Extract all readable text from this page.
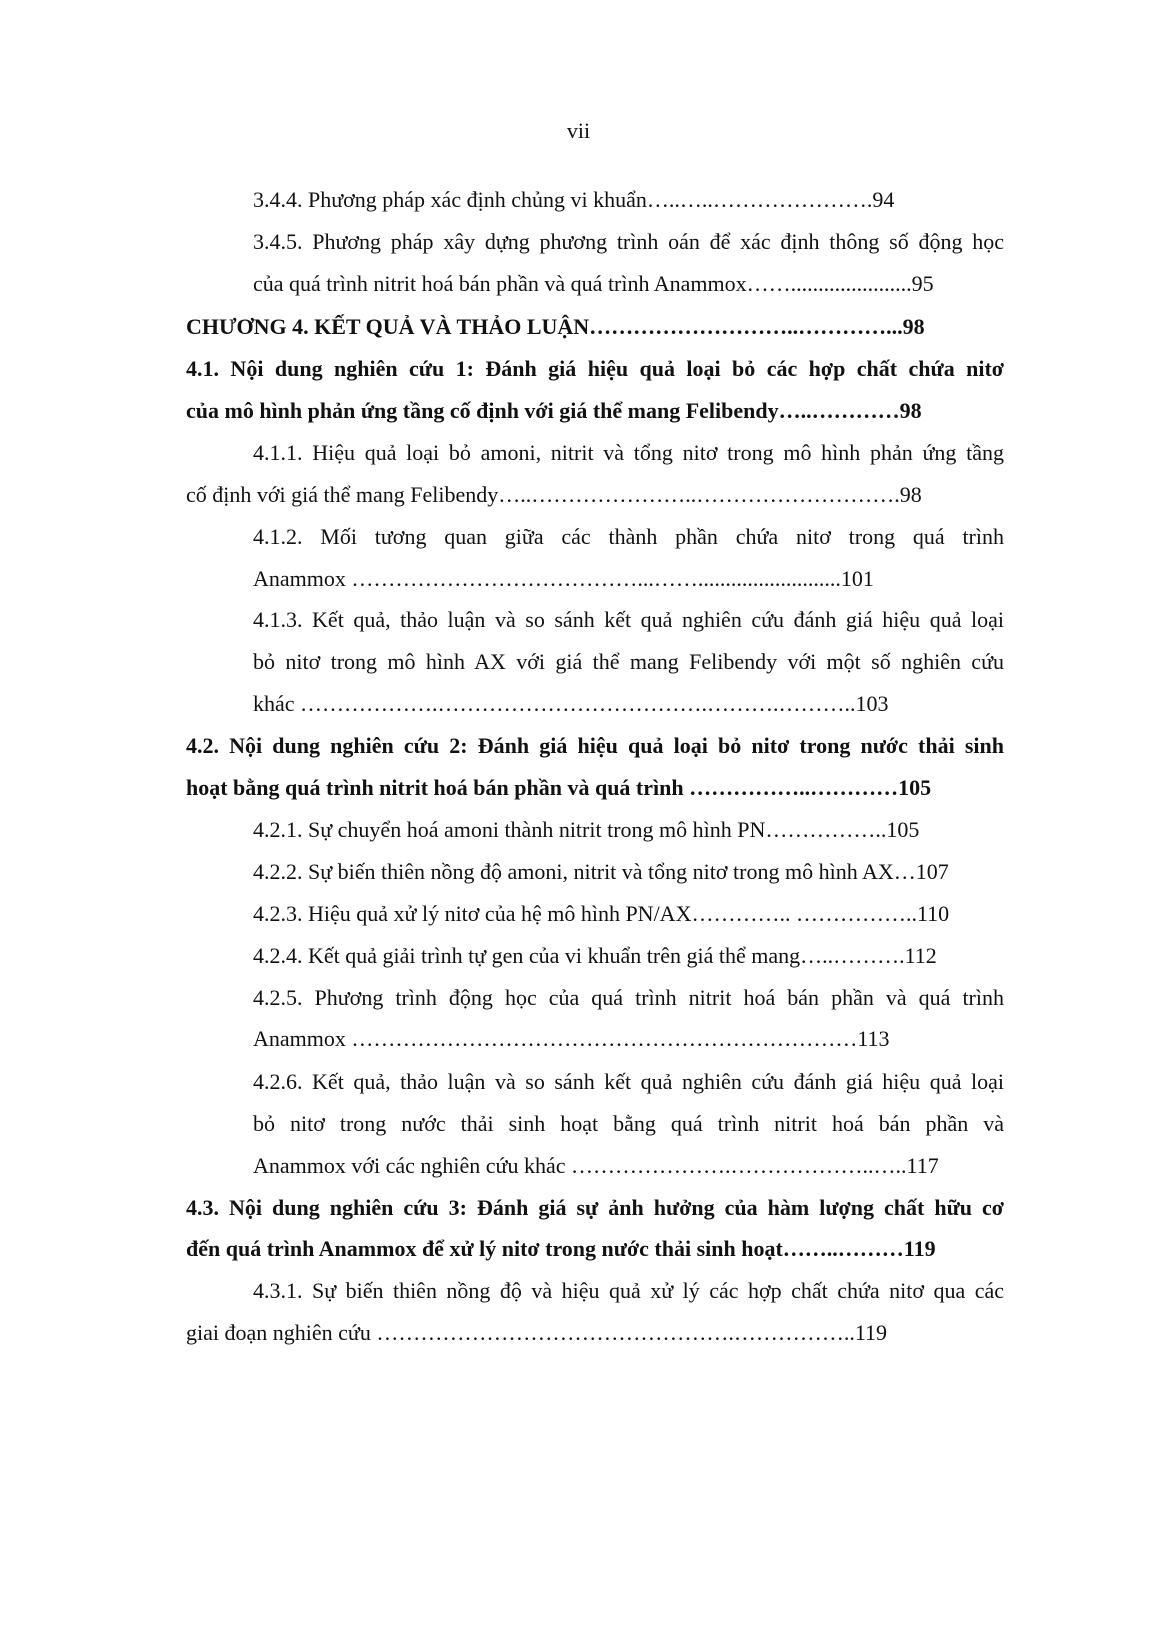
vii
3.4.4. Phương pháp xác định chủng vi khuẩn…..…..………………….94
3.4.5. Phương pháp xây dựng phương trình oán để xác định thông số động học
của quá trình nitrit hoá bán phần và quá trình Anammox……......................95
CHƯƠNG 4. KẾT QUẢ VÀ THẢO LUẬN………………………..…………...98
4.1. Nội dung nghiên cứu 1: Đánh giá hiệu quả loại bỏ các hợp chất chứa nitơ
của mô hình phản ứng tầng cố định với giá thể mang Felibendy…..…………98
4.1.1. Hiệu quả loại bỏ amoni, nitrit và tổng nitơ trong mô hình phản ứng tầng
cố định với giá thể mang Felibendy…..…………………..……………………….98
4.1.2. Mối tương quan giữa các thành phần chứa nitơ trong quá trình
Anammox …………………………………...……..........................101
4.1.3. Kết quả, thảo luận và so sánh kết quả nghiên cứu đánh giá hiệu quả loại
bỏ nitơ trong mô hình AX với giá thể mang Felibendy với một số nghiên cứu
khác ……………….……………………………….……….………..103
4.2. Nội dung nghiên cứu 2: Đánh giá hiệu quả loại bỏ nitơ trong nước thải sinh
hoạt bằng quá trình nitrit hoá bán phần và quá trình ……………..…………105
4.2.1. Sự chuyển hoá amoni thành nitrit trong mô hình PN……………..105
4.2.2. Sự biến thiên nồng độ amoni, nitrit và tổng nitơ trong mô hình AX…107
4.2.3. Hiệu quả xử lý nitơ của hệ mô hình PN/AX………….. ……………..110
4.2.4. Kết quả giải trình tự gen của vi khuẩn trên giá thể mang…..……….112
4.2.5. Phương trình động học của quá trình nitrit hoá bán phần và quá trình
Anammox ……………………………………………………………113
4.2.6. Kết quả, thảo luận và so sánh kết quả nghiên cứu đánh giá hiệu quả loại
bỏ nitơ trong nước thải sinh hoạt bằng quá trình nitrit hoá bán phần và
Anammox với các nghiên cứu khác ………………….………………..…..117
4.3. Nội dung nghiên cứu 3: Đánh giá sự ảnh hưởng của hàm lượng chất hữu cơ
đến quá trình Anammox để xử lý nitơ trong nước thải sinh hoạt……..………119
4.3.1. Sự biến thiên nồng độ và hiệu quả xử lý các hợp chất chứa nitơ qua các
giai đoạn nghiên cứu ………………………………………….……………..119
